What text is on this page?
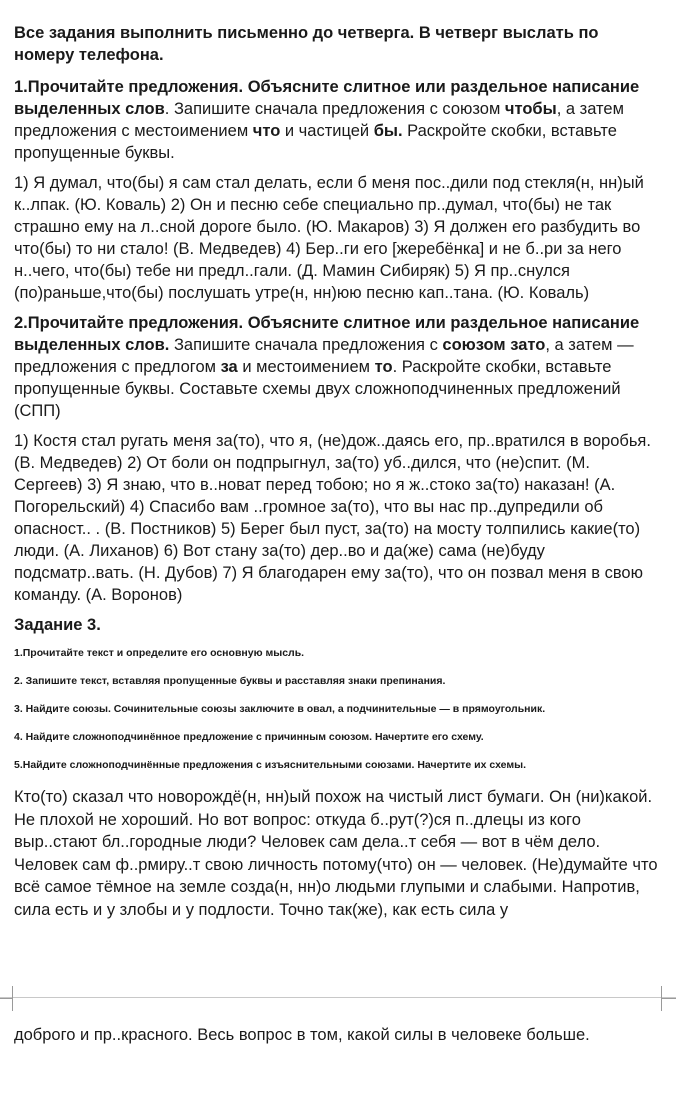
Все задания выполнить письменно до четверга. В четверг выслать по номеру телефона.

1.Прочитайте предложения. Объясните слитное или раздельное написание выделенных слов. Запишите сначала предложения с союзом чтобы, а затем предложения с местоимением что и частицей бы. Раскройте скобки, вставьте пропущенные буквы.

1) Я думал, что(бы) я сам стал делать, если б меня пос..дили под стекля(н, нн)ый к..лпак. (Ю. Коваль) 2) Он и песню себе специально пр..думал, что(бы) не так страшно ему на л..сной дороге было. (Ю. Макаров) 3) Я должен его разбудить во что(бы) то ни стало! (В. Медведев) 4) Бер..ги его [жеребёнка] и не б..ри за него н..чего, что(бы) тебе ни предл..гали. (Д. Мамин Сибиряк) 5) Я пр..снулся (по)раньше,что(бы) послушать утре(н, нн)юю песню кап..тана. (Ю. Коваль)

2.Прочитайте предложения. Объясните слитное или раздельное написание выделенных слов. Запишите сначала предложения с союзом зато, а затем — предложения с предлогом за и местоимением то. Раскройте скобки, вставьте пропущенные буквы. Составьте схемы двух сложноподчиненных предложений (СПП)

1) Костя стал ругать меня за(то), что я, (не)дож..даясь его, пр..вратился в воробья. (В. Медведев) 2) От боли он подпрыгнул, за(то) уб..дился, что (не)спит. (М. Сергеев) 3) Я знаю, что в..новат перед тобою; но я ж..стоко за(то) наказан! (А. Погорельский) 4) Спасибо вам ..громное за(то), что вы нас пр..дупредили об опасност.. . (В. Постников) 5) Берег был пуст, за(то) на мосту толпились какие(то) люди. (А. Лиханов) 6) Вот стану за(то) дер..во и да(же) сама (не)буду подсматр..вать. (Н. Дубов) 7) Я благодарен ему за(то), что он позвал меня в свою команду. (А. Воронов)

Задание 3.

1.Прочитайте текст и определите его основную мысль.
2. Запишите текст, вставляя пропущенные буквы и расставляя знаки препинания.
3. Найдите союзы. Сочинительные союзы заключите в овал, а подчинительные — в прямоугольник.
4. Найдите сложноподчинённое предложение с причинным союзом. Начертите его схему.
5.Найдите сложноподчинённые предложения с изъяснительными союзами. Начертите их схемы.

Кто(то) сказал что новорождё(н, нн)ый похож на чистый лист бумаги. Он (ни)какой. Не плохой не хороший. Но вот вопрос: откуда б..рут(?)ся п..длецы из кого выр..стают бл..городные люди? Человек сам дела..т себя — вот в чём дело. Человек сам ф..рмиру..т свою личность потому(что) он — человек. (Не)думайте что всё самое тёмное на земле созда(н, нн)о людьми глупыми и слабыми. Напротив, сила есть и у злобы и у подлости. Точно так(же), как есть сила у

доброго и пр..красного. Весь вопрос в том, какой силы в человеке больше.
